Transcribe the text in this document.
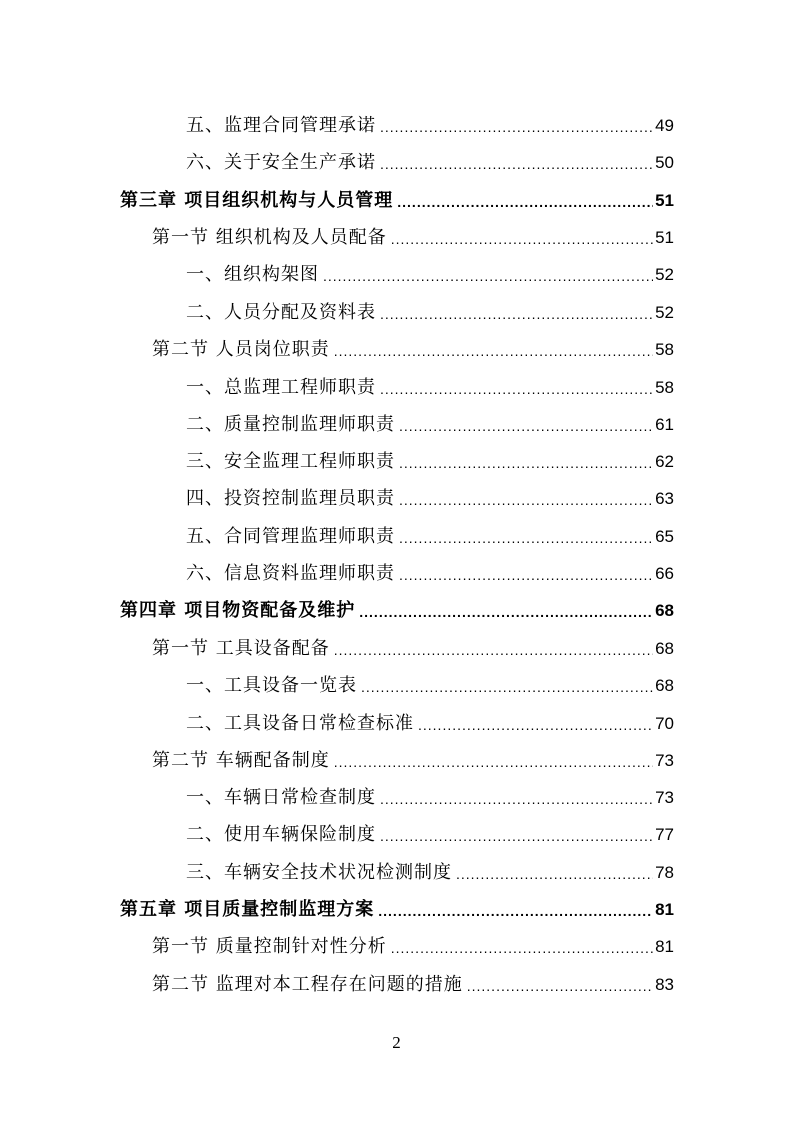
五、监理合同管理承诺 .....	49
六、关于安全生产承诺 .....	50
第三章 项目组织机构与人员管理 .....	51
第一节 组织机构及人员配备 .....	51
一、组织构架图 .....	52
二、人员分配及资料表 .....	52
第二节 人员岗位职责 .....	58
一、总监理工程师职责 .....	58
二、质量控制监理师职责 .....	61
三、安全监理工程师职责 .....	62
四、投资控制监理员职责 .....	63
五、合同管理监理师职责 .....	65
六、信息资料监理师职责 .....	66
第四章 项目物资配备及维护 .....	68
第一节 工具设备配备 .....	68
一、工具设备一览表 .....	68
二、工具设备日常检查标准 .....	70
第二节 车辆配备制度 .....	73
一、车辆日常检查制度 .....	73
二、使用车辆保险制度 .....	77
三、车辆安全技术状况检测制度 .....	78
第五章 项目质量控制监理方案 .....	81
第一节 质量控制针对性分析 .....	81
第二节 监理对本工程存在问题的措施 .....	83
2
